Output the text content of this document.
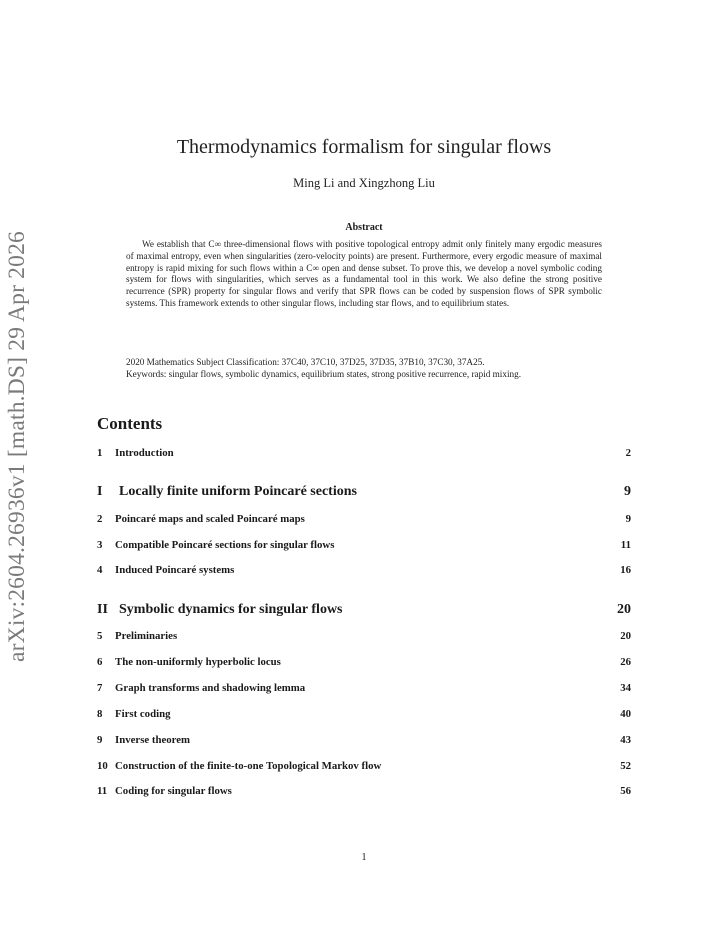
arXiv:2604.26936v1 [math.DS] 29 Apr 2026
Thermodynamics formalism for singular flows
Ming Li and Xingzhong Liu
Abstract

We establish that C∞ three-dimensional flows with positive topological entropy admit only finitely many ergodic measures of maximal entropy, even when singularities (zero-velocity points) are present. Furthermore, every ergodic measure of maximal entropy is rapid mixing for such flows within a C∞ open and dense subset. To prove this, we develop a novel symbolic coding system for flows with singularities, which serves as a fundamental tool in this work. We also define the strong positive recurrence (SPR) property for singular flows and verify that SPR flows can be coded by suspension flows of SPR symbolic systems. This framework extends to other singular flows, including star flows, and to equilibrium states.

2020 Mathematics Subject Classification: 37C40, 37C10, 37D25, 37D35, 37B10, 37C30, 37A25.
Keywords: singular flows, symbolic dynamics, equilibrium states, strong positive recurrence, rapid mixing.
Contents
1 Introduction	2
I Locally finite uniform Poincaré sections	9
2 Poincaré maps and scaled Poincaré maps	9
3 Compatible Poincaré sections for singular flows	11
4 Induced Poincaré systems	16
II Symbolic dynamics for singular flows	20
5 Preliminaries	20
6 The non-uniformly hyperbolic locus	26
7 Graph transforms and shadowing lemma	34
8 First coding	40
9 Inverse theorem	43
10 Construction of the finite-to-one Topological Markov flow	52
11 Coding for singular flows	56
1
